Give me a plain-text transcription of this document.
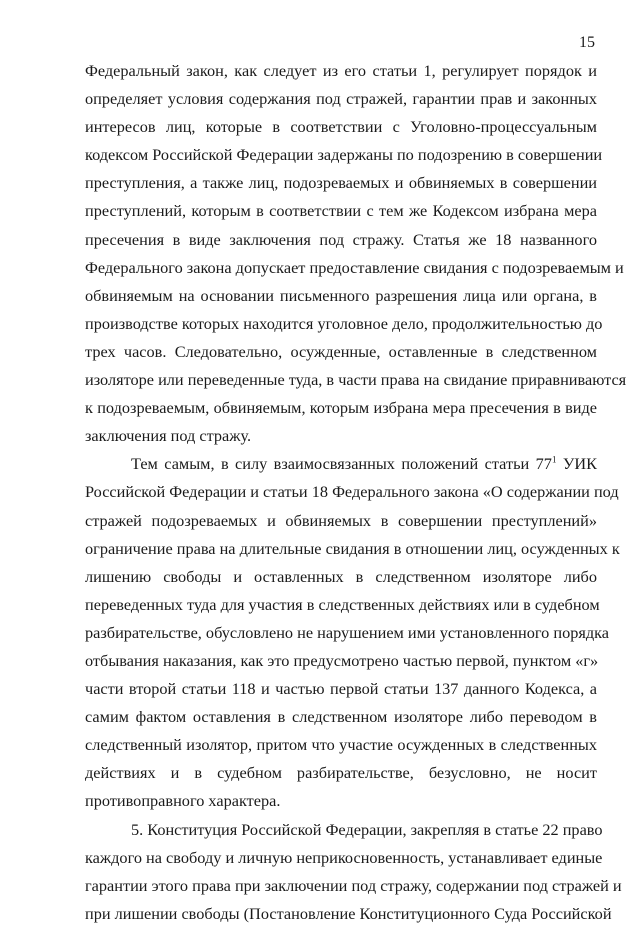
15
Федеральный закон, как следует из его статьи 1, регулирует порядок и
определяет условия содержания под стражей, гарантии прав и законных
интересов лиц, которые в соответствии с Уголовно-процессуальным
кодексом Российской Федерации задержаны по подозрению в совершении
преступления, а также лиц, подозреваемых и обвиняемых в совершении
преступлений, которым в соответствии с тем же Кодексом избрана мера
пресечения в виде заключения под стражу. Статья же 18 названного
Федерального закона допускает предоставление свидания с подозреваемым и
обвиняемым на основании письменного разрешения лица или органа, в
производстве которых находится уголовное дело, продолжительностью до
трех часов. Следовательно, осужденные, оставленные в следственном
изоляторе или переведенные туда, в части права на свидание приравниваются
к подозреваемым, обвиняемым, которым избрана мера пресечения в виде
заключения под стражу.
Тем самым, в силу взаимосвязанных положений статьи $77^1$ УИК
Российской Федерации и статьи 18 Федерального закона «О содержании под
стражей подозреваемых и обвиняемых в совершении преступлений»
ограничение права на длительные свидания в отношении лиц, осужденных к
лишению свободы и оставленных в следственном изоляторе либо
переведенных туда для участия в следственных действиях или в судебном
разбирательстве, обусловлено не нарушением ими установленного порядка
отбывания наказания, как это предусмотрено частью первой, пунктом «г»
части второй статьи 118 и частью первой статьи 137 данного Кодекса, а
самим фактом оставления в следственном изоляторе либо переводом в
следственный изолятор, притом что участие осужденных в следственных
действиях и в судебном разбирательстве, безусловно, не носит
противоправного характера.
5. Конституция Российской Федерации, закрепляя в статье 22 право
каждого на свободу и личную неприкосновенность, устанавливает единые
гарантии этого права при заключении под стражу, содержании под стражей и
при лишении свободы (Постановление Конституционного Суда Российской
